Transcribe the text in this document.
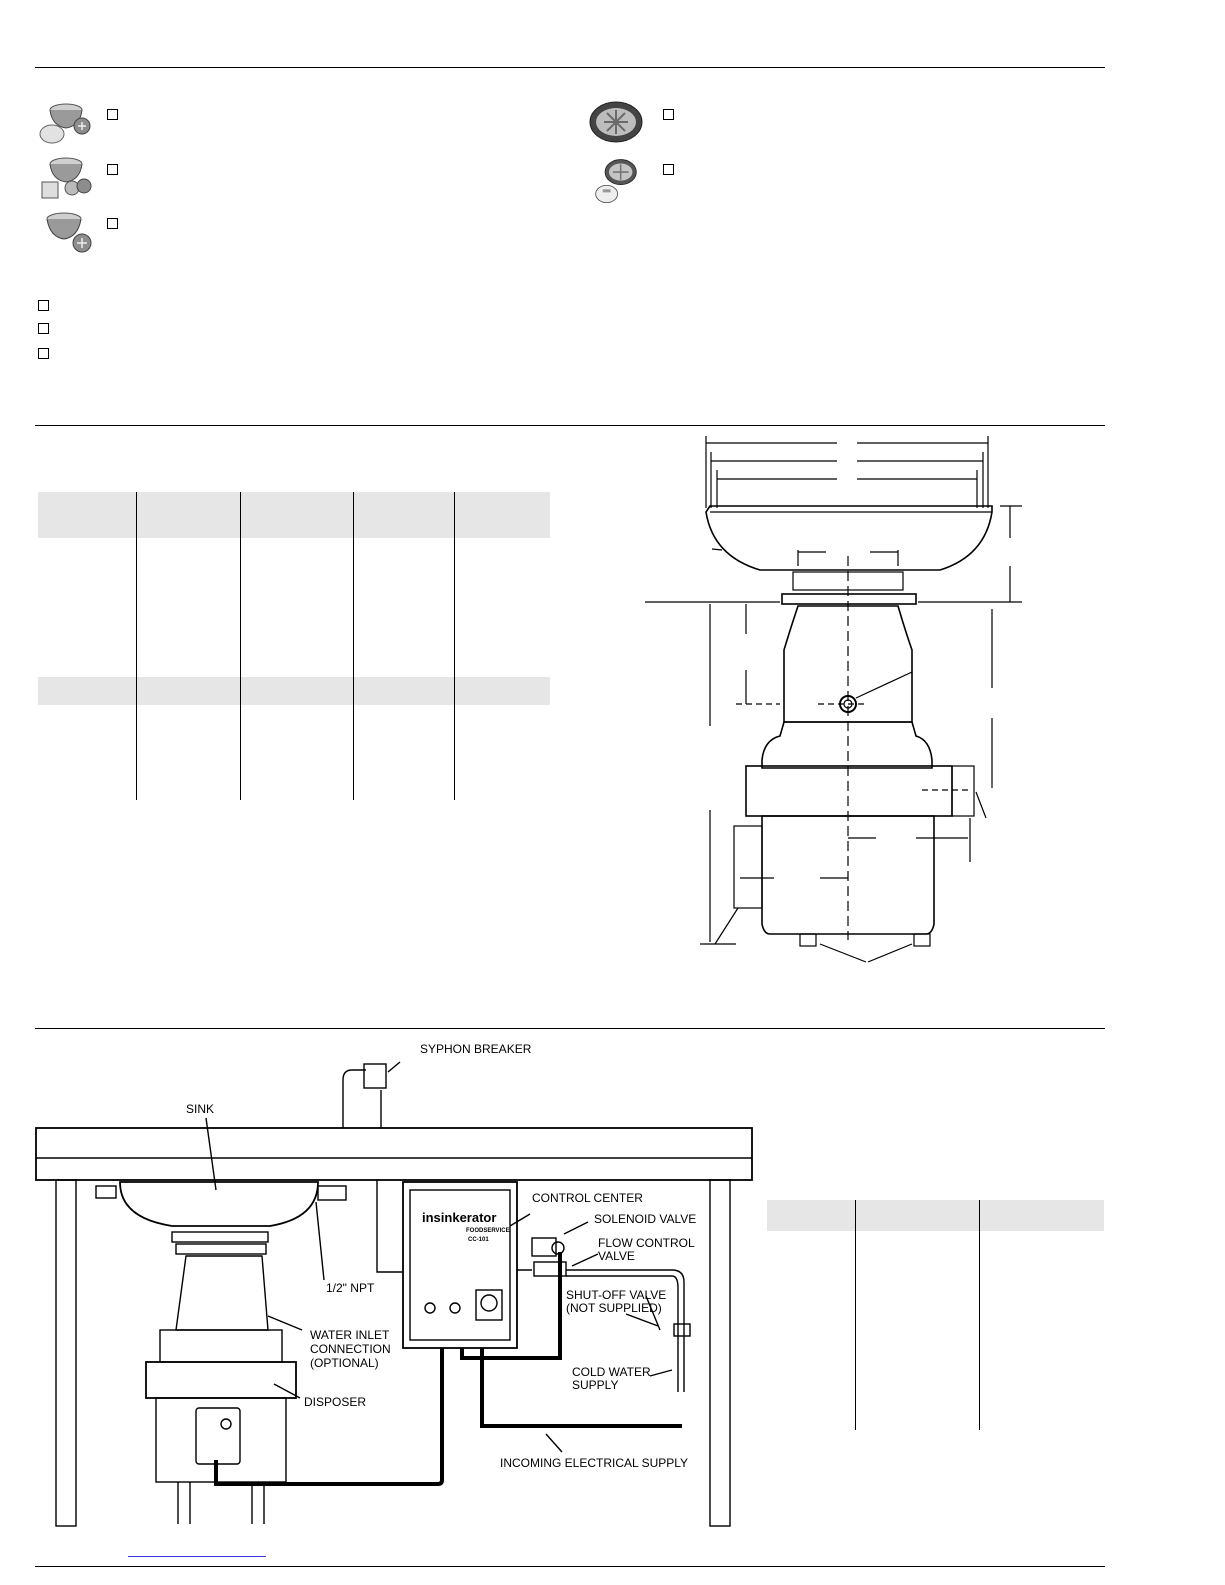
SYPHON BREAKER
SINK
CONTROL CENTER
SOLENOID VALVE
FLOW CONTROL
VALVE
1/2" NPT
WATER INLET
CONNECTION
(OPTIONAL)
SHUT-OFF VALVE
(NOT SUPPLIED)
COLD WATER
SUPPLY
DISPOSER
INCOMING ELECTRICAL SUPPLY
insinkerator
FOODSERVICE
CC-101
